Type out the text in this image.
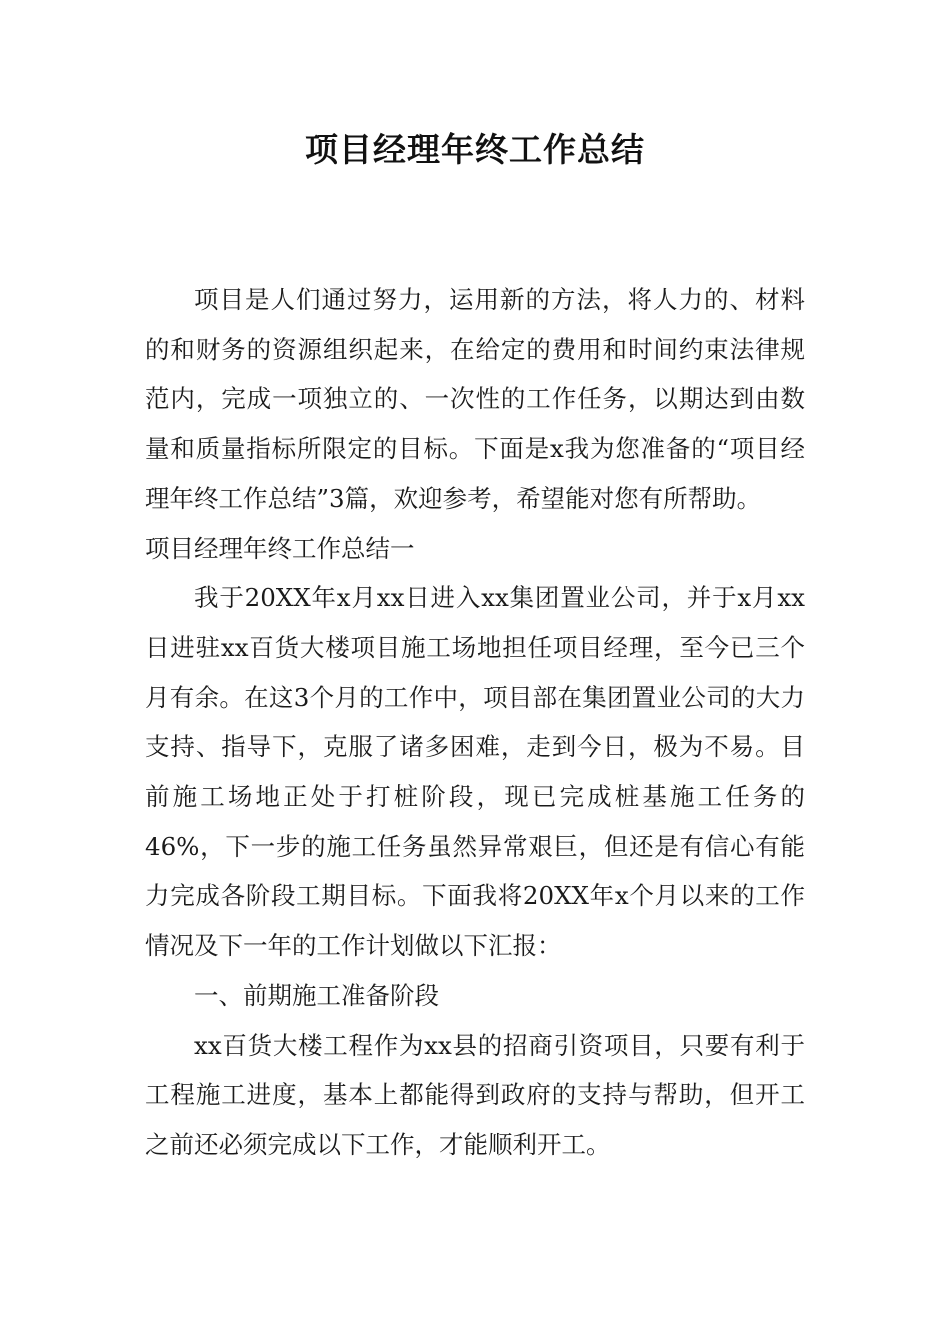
项目经理年终工作总结

项目是人们通过努力，运用新的方法，将人力的、材料的和财务的资源组织起来，在给定的费用和时间约束法律规范内，完成一项独立的、一次性的工作任务，以期达到由数量和质量指标所限定的目标。下面是x我为您准备的“项目经理年终工作总结”3篇，欢迎参考，希望能对您有所帮助。

项目经理年终工作总结一

我于20XX年x月xx日进入xx集团置业公司，并于x月xx日进驻xx百货大楼项目施工场地担任项目经理，至今已三个月有余。在这3个月的工作中，项目部在集团置业公司的大力支持、指导下，克服了诸多困难，走到今日，极为不易。目前施工场地正处于打桩阶段，现已完成桩基施工任务的46%，下一步的施工任务虽然异常艰巨，但还是有信心有能力完成各阶段工期目标。下面我将20XX年x个月以来的工作情况及下一年的工作计划做以下汇报：

一、前期施工准备阶段

xx百货大楼工程作为xx县的招商引资项目，只要有利于工程施工进度，基本上都能得到政府的支持与帮助，但开工之前还必须完成以下工作，才能顺利开工。
